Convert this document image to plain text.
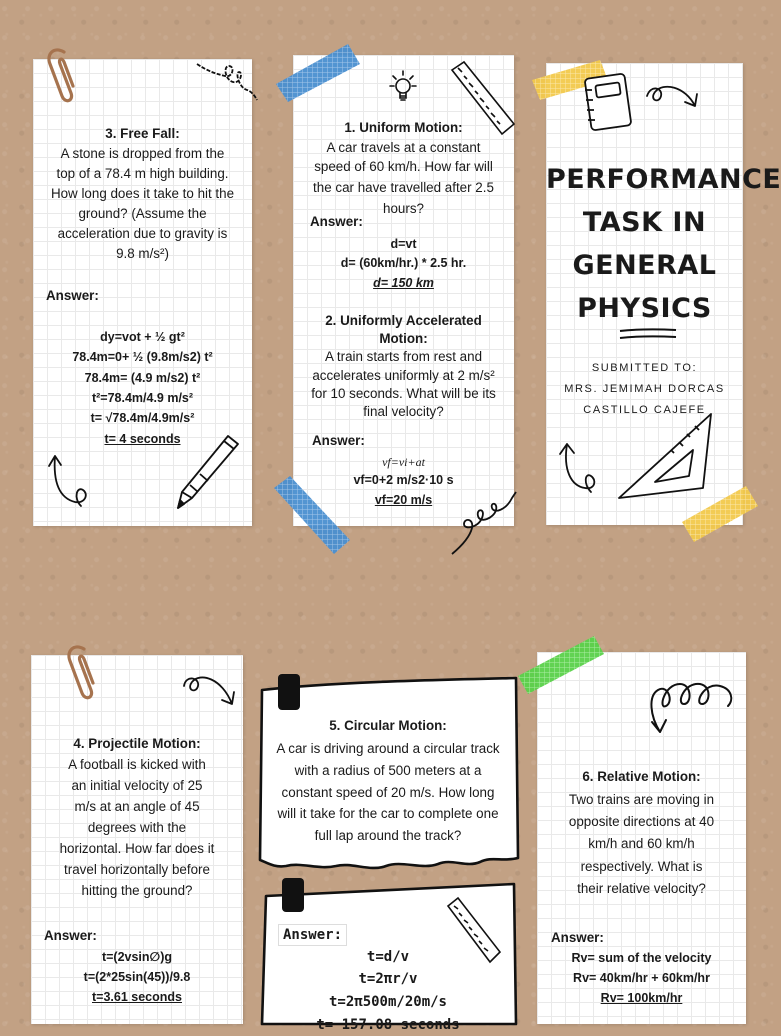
3. Free Fall:
A stone is dropped from the
top of a 78.4 m high building.
How long does it take to hit the
ground? (Assume the
acceleration due to gravity is
9.8 m/s²)
Answer:
dy=vot + ½ gt²
78.4m=0+ ½ (9.8m/s2) t²
78.4m= (4.9 m/s2) t²
t²=78.4m/4.9 m/s²
t= √78.4m/4.9m/s²
t= 4 seconds
1. Uniform Motion:
A car travels at a constant
speed of 60 km/h. How far will
the car have travelled after 2.5
hours?
Answer:
d=vt
d= (60km/hr.) * 2.5 hr.
d= 150 km
2. Uniformly Accelerated
Motion:
A train starts from rest and
accelerates uniformly at 2 m/s²
for 10 seconds. What will be its
final velocity?
Answer:
vf=vi+at
vf=0+2 m/s2·10 s
vf=20 m/s
PERFORMANCE
TASK IN
GENERAL
PHYSICS
SUBMITTED TO:
MRS. JEMIMAH DORCAS
CASTILLO CAJEFE
4. Projectile Motion:
A football is kicked with
an initial velocity of 25
m/s at an angle of 45
degrees with the
horizontal. How far does it
travel horizontally before
hitting the ground?
Answer:
t=(2vsin∅)g
t=(2*25sin(45))/9.8
t=3.61 seconds
5. Circular Motion:
A car is driving around a circular track
with a radius of 500 meters at a
constant speed of 20 m/s. How long
will it take for the car to complete one
full lap around the track?
Answer:
t=d/v
t=2πr/v
t=2π500m/20m/s
t= 157.08 seconds
6. Relative Motion:
Two trains are moving in
opposite directions at 40
km/h and 60 km/h
respectively. What is
their relative velocity?
Answer:
Rv= sum of the velocity
Rv= 40km/hr + 60km/hr
Rv= 100km/hr
